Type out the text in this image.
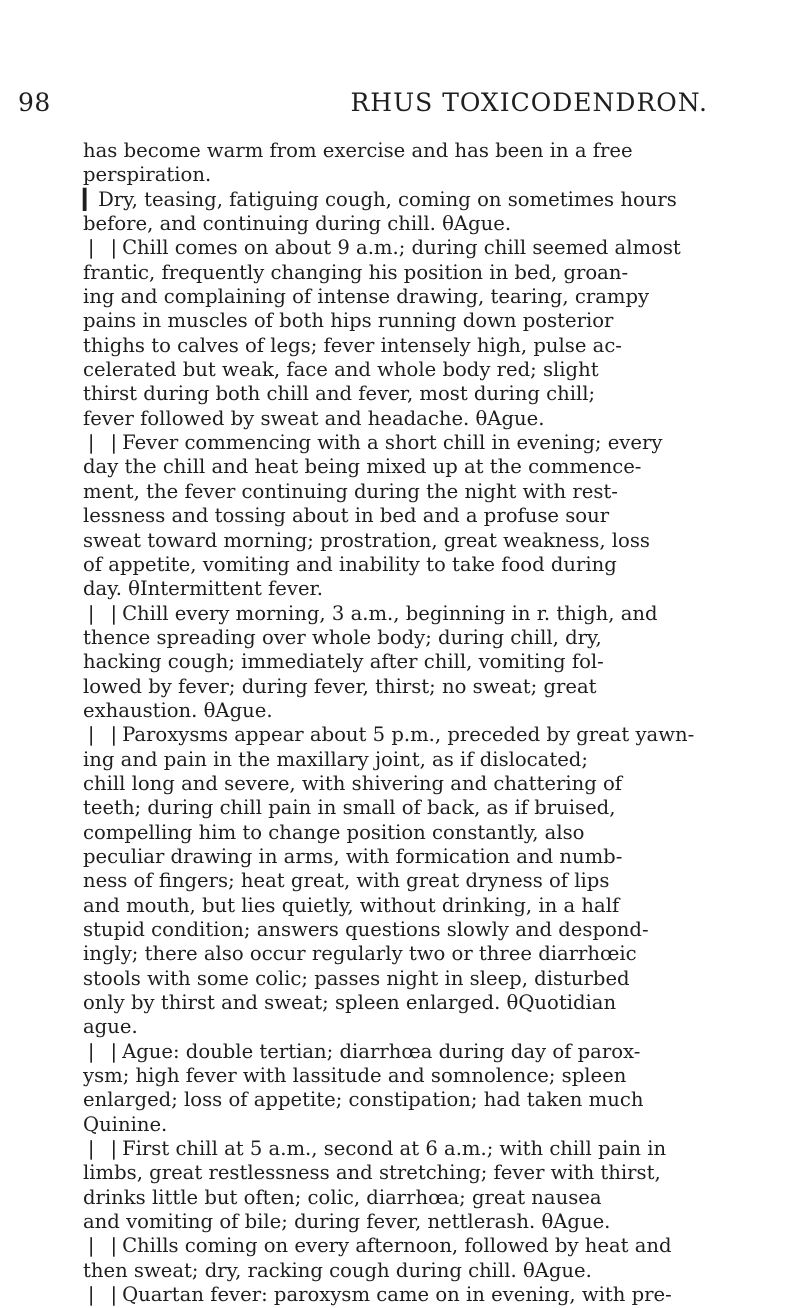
98	RHUS TOXICODENDRON.
has become warm from exercise and has been in a free
perspiration.
▎Dry, teasing, fatiguing cough, coming on sometimes hours
before, and continuing during chill. θAgue.
❘ ❘Chill comes on about 9 a.m.; during chill seemed almost
frantic, frequently changing his position in bed, groan-
ing and complaining of intense drawing, tearing, crampy
pains in muscles of both hips running down posterior
thighs to calves of legs; fever intensely high, pulse ac-
celerated but weak, face and whole body red; slight
thirst during both chill and fever, most during chill;
fever followed by sweat and headache. θAgue.
❘ ❘Fever commencing with a short chill in evening; every
day the chill and heat being mixed up at the commence-
ment, the fever continuing during the night with rest-
lessness and tossing about in bed and a profuse sour
sweat toward morning; prostration, great weakness, loss
of appetite, vomiting and inability to take food during
day. θIntermittent fever.
❘ ❘Chill every morning, 3 a.m., beginning in r. thigh, and
thence spreading over whole body; during chill, dry,
hacking cough; immediately after chill, vomiting fol-
lowed by fever; during fever, thirst; no sweat; great
exhaustion. θAgue.
❘ ❘Paroxysms appear about 5 p.m., preceded by great yawn-
ing and pain in the maxillary joint, as if dislocated;
chill long and severe, with shivering and chattering of
teeth; during chill pain in small of back, as if bruised,
compelling him to change position constantly, also
peculiar drawing in arms, with formication and numb-
ness of fingers; heat great, with great dryness of lips
and mouth, but lies quietly, without drinking, in a half
stupid condition; answers questions slowly and despond-
ingly; there also occur regularly two or three diarrhœic
stools with some colic; passes night in sleep, disturbed
only by thirst and sweat; spleen enlarged. θQuotidian
ague.
❘ ❘Ague: double tertian; diarrhœa during day of parox-
ysm; high fever with lassitude and somnolence; spleen
enlarged; loss of appetite; constipation; had taken much
Quinine.
❘ ❘First chill at 5 a.m., second at 6 a.m.; with chill pain in
limbs, great restlessness and stretching; fever with thirst,
drinks little but often; colic, diarrhœa; great nausea
and vomiting of bile; during fever, nettlerash. θAgue.
❘ ❘Chills coming on every afternoon, followed by heat and
then sweat; dry, racking cough during chill. θAgue.
❘ ❘Quartan fever: paroxysm came on in evening, with pre-
